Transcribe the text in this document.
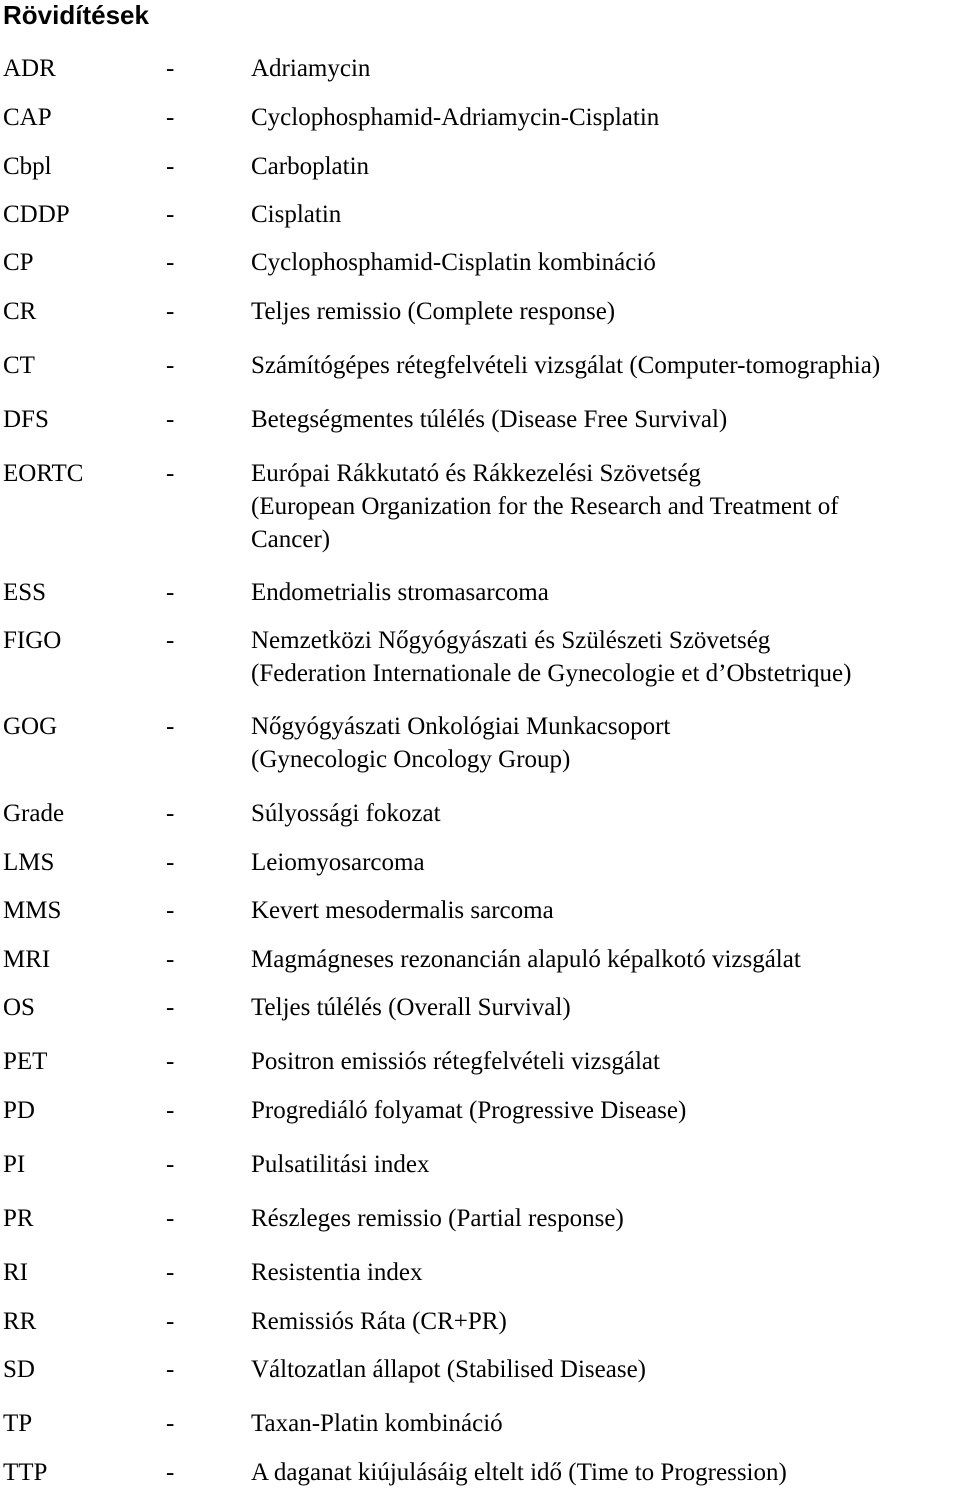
Rövidítések
ADR	-	Adriamycin
CAP	-	Cyclophosphamid-Adriamycin-Cisplatin
Cbpl	-	Carboplatin
CDDP	-	Cisplatin
CP	-	Cyclophosphamid-Cisplatin kombináció
CR	-	Teljes remissio (Complete response)
CT	-	Számítógépes rétegfelvételi vizsgálat (Computer-tomographia)
DFS	-	Betegségmentes túlélés (Disease Free Survival)
EORTC	-	Európai Rákkutató és Rákkezelési Szövetség
(European Organization for the Research and Treatment of
Cancer)
ESS	-	Endometrialis stromasarcoma
FIGO	-	Nemzetközi Nőgyógyászati és Szülészeti Szövetség
(Federation Internationale de Gynecologie et d’Obstetrique)
GOG	-	Nőgyógyászati Onkológiai Munkacsoport
(Gynecologic Oncology Group)
Grade	-	Súlyossági fokozat
LMS	-	Leiomyosarcoma
MMS	-	Kevert mesodermalis sarcoma
MRI	-	Magmágneses rezonancián alapuló képalkotó vizsgálat
OS	-	Teljes túlélés (Overall Survival)
PET	-	Positron emissiós rétegfelvételi vizsgálat
PD	-	Progrediáló folyamat (Progressive Disease)
PI	-	Pulsatilitási index
PR	-	Részleges remissio (Partial response)
RI	-	Resistentia index
RR	-	Remissiós Ráta (CR+PR)
SD	-	Változatlan állapot (Stabilised Disease)
TP	-	Taxan-Platin kombináció
TTP	-	A daganat kiújulásáig eltelt idő (Time to Progression)
